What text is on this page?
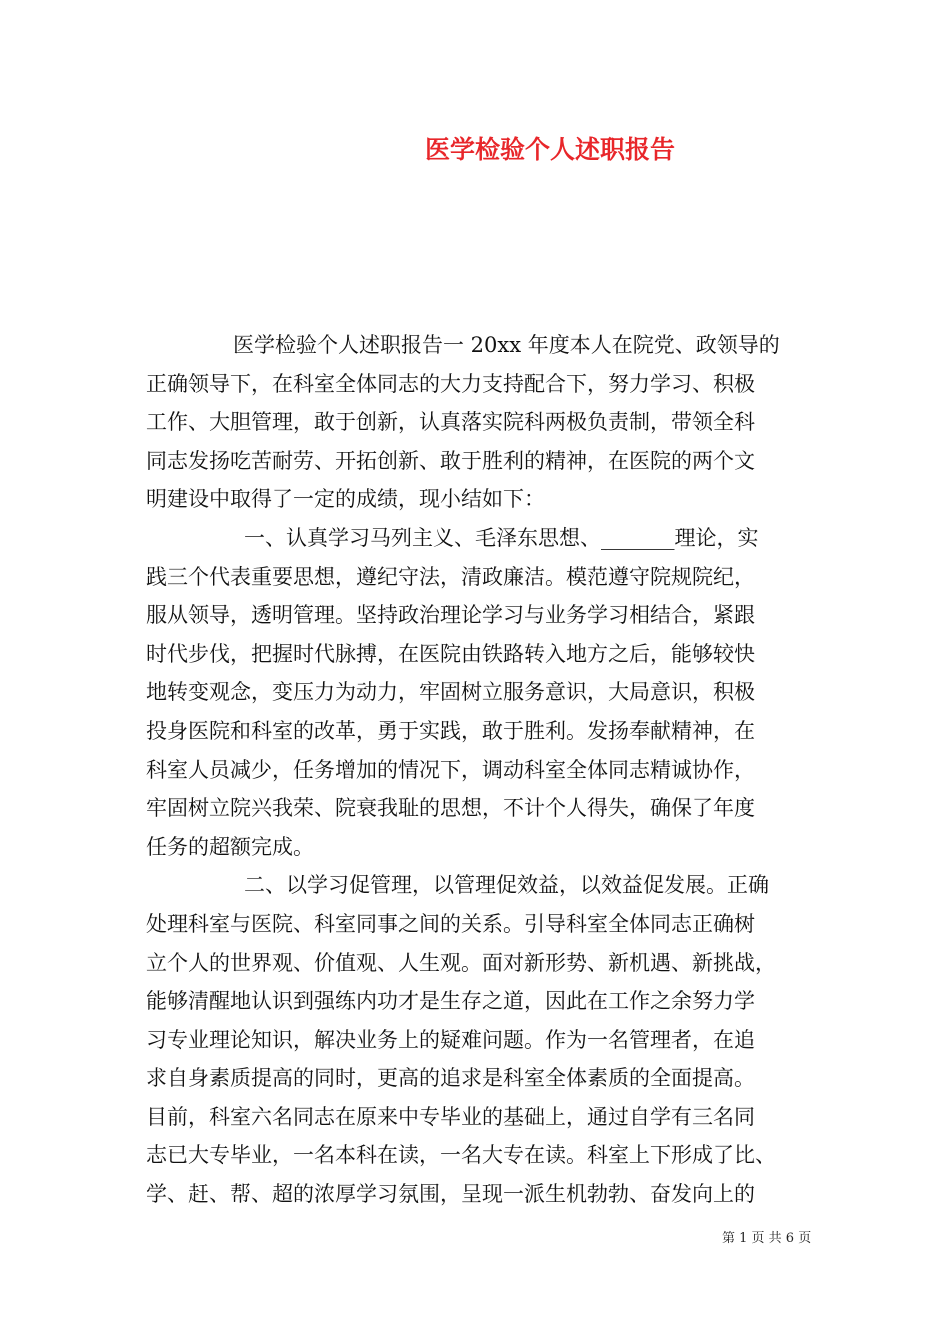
医学检验个人述职报告
医学检验个人述职报告一 20xx 年度本人在院党、政领导的
正确领导下，在科室全体同志的大力支持配合下，努力学习、积极
工作、大胆管理，敢于创新，认真落实院科两极负责制，带领全科
同志发扬吃苦耐劳、开拓创新、敢于胜利的精神，在医院的两个文
明建设中取得了一定的成绩，现小结如下：
一、认真学习马列主义、毛泽东思想、_______理论，实
践三个代表重要思想，遵纪守法，清政廉洁。模范遵守院规院纪，
服从领导，透明管理。坚持政治理论学习与业务学习相结合，紧跟
时代步伐，把握时代脉搏，在医院由铁路转入地方之后，能够较快
地转变观念，变压力为动力，牢固树立服务意识，大局意识，积极
投身医院和科室的改革，勇于实践，敢于胜利。发扬奉献精神，在
科室人员减少，任务增加的情况下，调动科室全体同志精诚协作，
牢固树立院兴我荣、院衰我耻的思想，不计个人得失，确保了年度
任务的超额完成。
二、以学习促管理，以管理促效益，以效益促发展。正确
处理科室与医院、科室同事之间的关系。引导科室全体同志正确树
立个人的世界观、价值观、人生观。面对新形势、新机遇、新挑战，
能够清醒地认识到强练内功才是生存之道，因此在工作之余努力学
习专业理论知识，解决业务上的疑难问题。作为一名管理者，在追
求自身素质提高的同时，更高的追求是科室全体素质的全面提高。
目前，科室六名同志在原来中专毕业的基础上，通过自学有三名同
志已大专毕业，一名本科在读，一名大专在读。科室上下形成了比、
学、赶、帮、超的浓厚学习氛围，呈现一派生机勃勃、奋发向上的
第 1 页 共 6 页
